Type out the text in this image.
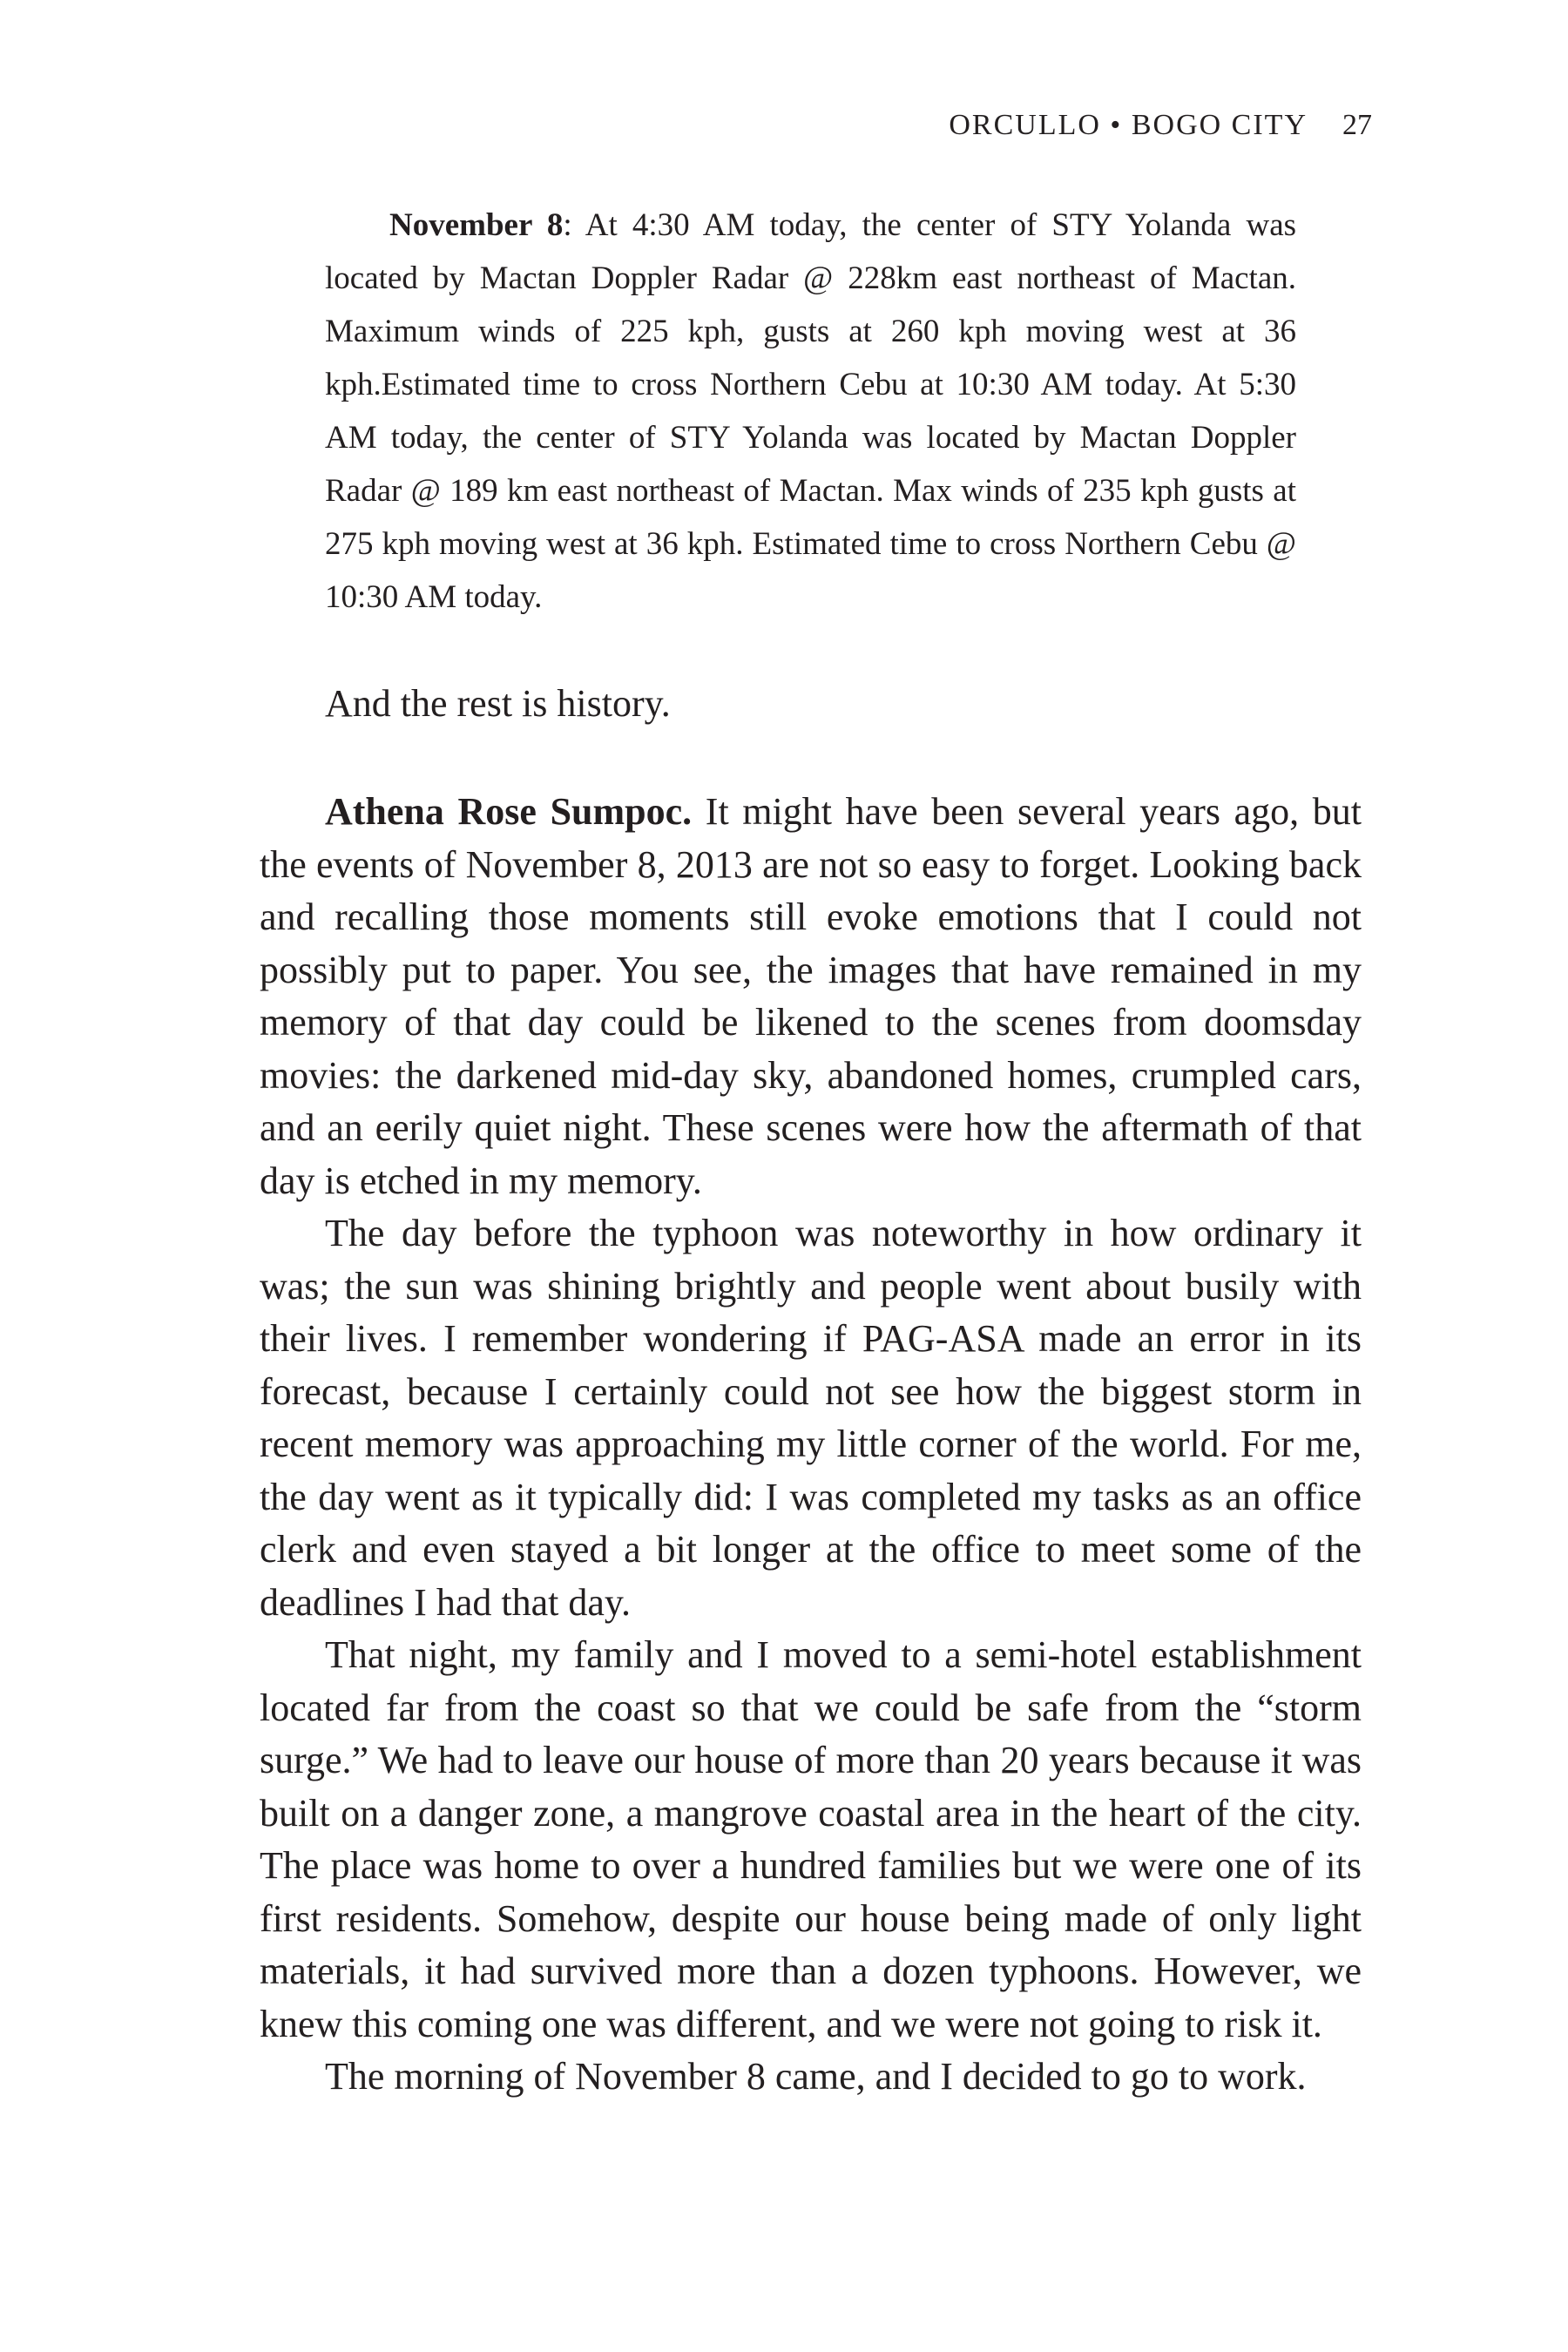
ORCULLO • BOGO CITY 27
November 8: At 4:30 AM today, the center of STY Yolanda was located by Mactan Doppler Radar @ 228km east northeast of Mactan. Maximum winds of 225 kph, gusts at 260 kph moving west at 36 kph.Estimated time to cross Northern Cebu at 10:30 AM today. At 5:30 AM today, the center of STY Yolanda was located by Mactan Doppler Radar @ 189 km east northeast of Mactan. Max winds of 235 kph gusts at 275 kph moving west at 36 kph. Estimated time to cross Northern Cebu @ 10:30 AM today.
And the rest is history.

Athena Rose Sumpoc. It might have been several years ago, but the events of November 8, 2013 are not so easy to forget. Looking back and recalling those moments still evoke emotions that I could not possibly put to paper. You see, the images that have remained in my memory of that day could be likened to the scenes from doomsday movies: the darkened mid-day sky, abandoned homes, crumpled cars, and an eerily quiet night. These scenes were how the aftermath of that day is etched in my memory.

The day before the typhoon was noteworthy in how ordinary it was; the sun was shining brightly and people went about busily with their lives. I remember wondering if PAG-ASA made an error in its forecast, because I certainly could not see how the biggest storm in recent memory was approaching my little corner of the world. For me, the day went as it typically did: I was completed my tasks as an office clerk and even stayed a bit longer at the office to meet some of the deadlines I had that day.

That night, my family and I moved to a semi-hotel establishment located far from the coast so that we could be safe from the “storm surge.” We had to leave our house of more than 20 years because it was built on a danger zone, a mangrove coastal area in the heart of the city. The place was home to over a hundred families but we were one of its first residents. Somehow, despite our house being made of only light materials, it had survived more than a dozen typhoons. However, we knew this coming one was different, and we were not going to risk it.

The morning of November 8 came, and I decided to go to work.
